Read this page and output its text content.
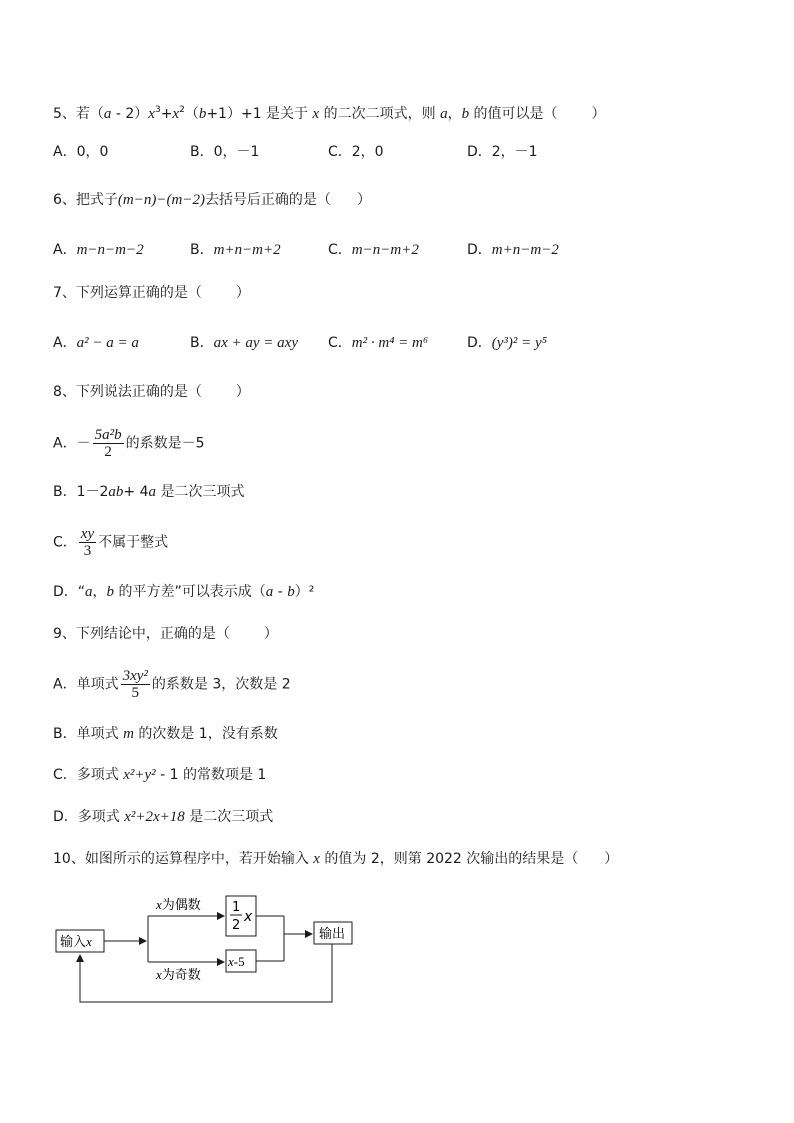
5、若$(a - 2)x^3+x^2(b+1)+1$ 是关于 x 的二次二项式，则 a，b 的值可以是（ ）
A．0，0	B．0，－1	C．2，0	D．2，－1
6、把式子(m−n)−(m−2)去括号后正确的是（ ）
A．m−n−m−2	B．m+n−m+2	C．m−n−m+2	D．m+n−m−2
7、下列运算正确的是（ ）
A．a² − a = a	B．ax + ay = axy C．m² · m⁴ = m⁶	D．(y³)² = y⁵
8、下列说法正确的是（ ）
A．－ $\frac{\text{5a²b}}{2}$ 的系数是－5
B．1－2ab+ 4a 是二次三项式
C． $\frac{xy}{3}$ 不属于整式
D．“a，b 的平方差”可以表示成（a - b）²
9、下列结论中，正确的是（ ）
A．单项式 $\frac{\text{3xy²}}{5}$ 的系数是 3，次数是 2
B．单项式 m 的次数是 1，没有系数
C．多项式 x²+y² - 1 的常数项是 1
D．多项式 x²+2x+18 是二次三项式
10、如图所示的运算程序中，若开始输入 x 的值为 2，则第 2022 次输出的结果是（ ）
输入x
x为偶数
x为奇数
1
2
x
x-5
输出
